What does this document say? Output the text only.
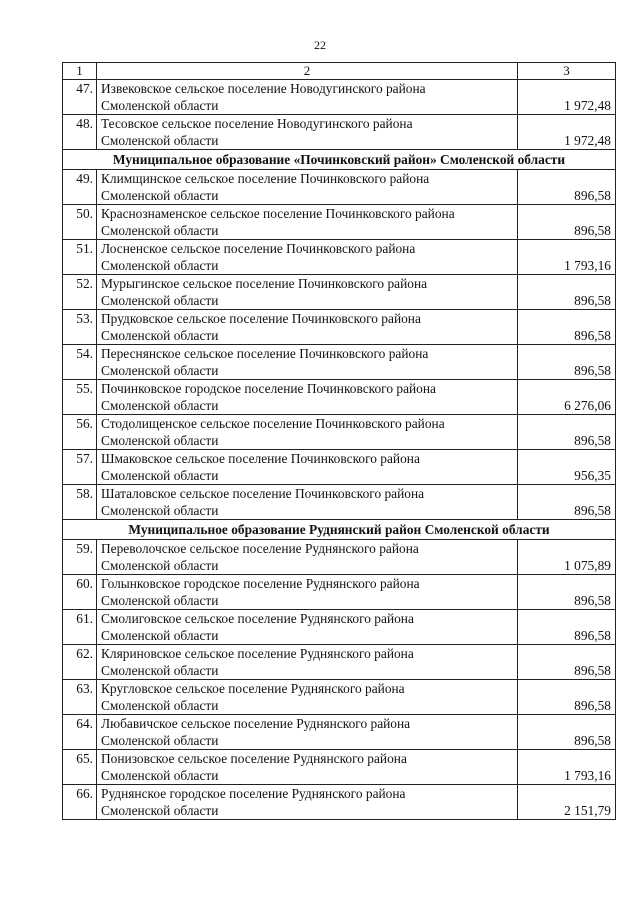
22
1	2	3
47.	Извековское сельское поселение Новодугинского района
Смоленской области	1 972,48
48.	Тесовское сельское поселение Новодугинского района
Смоленской области	1 972,48
Муниципальное образование «Починковский район» Смоленской области		
49.	Климщинское сельское поселение Починковского района
Смоленской области	896,58
50.	Краснознаменское сельское поселение Починковского района
Смоленской области	896,58
51.	Лосненское сельское поселение Починковского района
Смоленской области	1 793,16
52.	Мурыгинское сельское поселение Починковского района
Смоленской области	896,58
53.	Прудковское сельское поселение Починковского района
Смоленской области	896,58
54.	Переснянское сельское поселение Починковского района
Смоленской области	896,58
55.	Починковское городское поселение Починковского района
Смоленской области	6 276,06
56.	Стодолищенское сельское поселение Починковского района
Смоленской области	896,58
57.	Шмаковское сельское поселение Починковского района
Смоленской области	956,35
58.	Шаталовское сельское поселение Починковского района
Смоленской области	896,58
Муниципальное образование Руднянский район Смоленской области		
59.	Переволочское сельское поселение Руднянского района
Смоленской области	1 075,89
60.	Голынковское городское поселение Руднянского района
Смоленской области	896,58
61.	Смолиговское сельское поселение Руднянского района
Смоленской области	896,58
62.	Кляриновское сельское поселение Руднянского района
Смоленской области	896,58
63.	Кругловское сельское поселение Руднянского района
Смоленской области	896,58
64.	Любавичское сельское поселение Руднянского района
Смоленской области	896,58
65.	Понизовское сельское поселение Руднянского района
Смоленской области	1 793,16
66.	Руднянское городское поселение Руднянского района
Смоленской области	2 151,79
